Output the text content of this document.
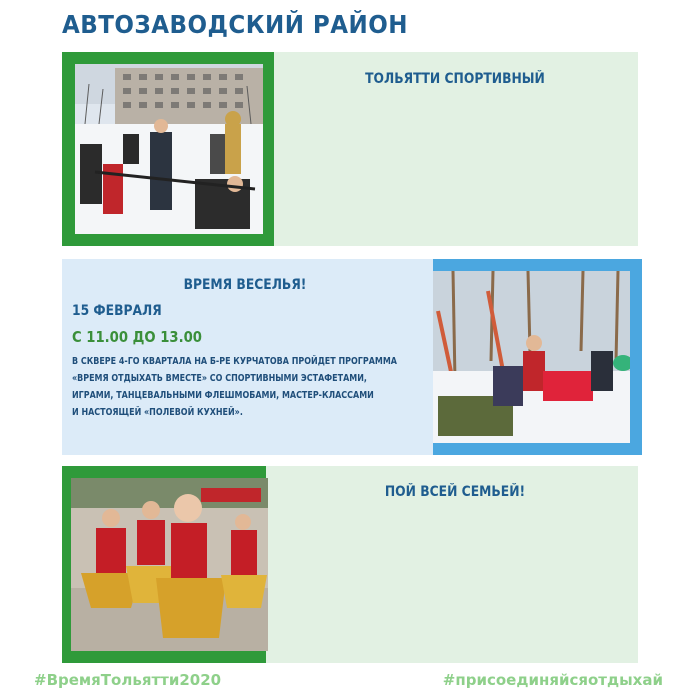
АВТОЗАВОДСКИЙ РАЙОН
ТОЛЬЯТТИ СПОРТИВНЫЙ
ВРЕМЯ ВЕСЕЛЬЯ!
15 ФЕВРАЛЯ
С 11.00 ДО 13.00
В СКВЕРЕ 4-ГО КВАРТАЛА НА Б-РЕ КУРЧАТОВА ПРОЙДЕТ ПРОГРАММА
«ВРЕМЯ ОТДЫХАТЬ ВМЕСТЕ» СО СПОРТИВНЫМИ ЭСТАФЕТАМИ,
ИГРАМИ, ТАНЦЕВАЛЬНЫМИ ФЛЕШМОБАМИ, МАСТЕР-КЛАССАМИ
И НАСТОЯЩЕЙ «ПОЛЕВОЙ КУХНЕЙ».
ПОЙ ВСЕЙ СЕМЬЕЙ!
#ВремяТольятти2020	#присоединяйсяотдыхай
